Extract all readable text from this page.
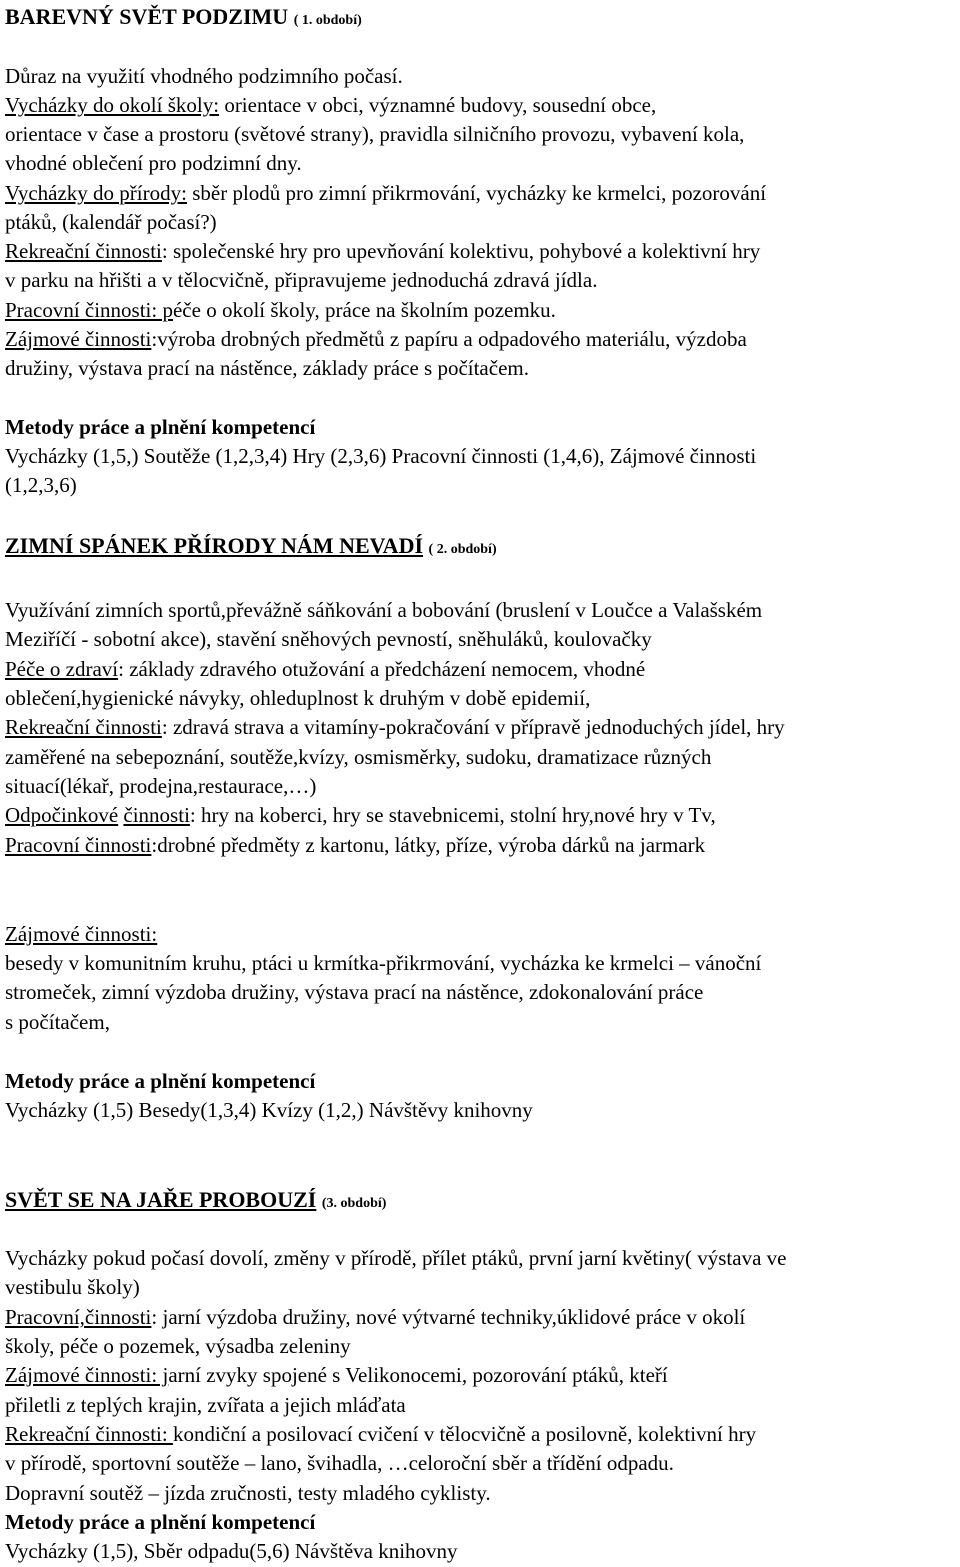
BAREVNÝ SVĚT PODZIMU ( 1. období)
Důraz na využití vhodného podzimního počasí.
Vycházky do okolí školy: orientace v obci, významné budovy, sousední obce,
orientace v čase a prostoru (světové strany), pravidla silničního provozu, vybavení kola,
vhodné oblečení pro podzimní dny.
Vycházky do přírody: sběr plodů pro zimní přikrmování, vycházky ke krmelci, pozorování
ptáků, (kalendář počasí?)
Rekreační činnosti: společenské hry pro upevňování kolektivu, pohybové a kolektivní hry
v parku na hřišti a v tělocvičně, připravujeme jednoduchá zdravá jídla.
Pracovní činnosti: péče o okolí školy, práce na školním pozemku.
Zájmové činnosti:výroba drobných předmětů z papíru a odpadového materiálu, výzdoba
družiny, výstava prací na nástěnce, základy práce s počítačem.
Metody práce a plnění kompetencí
Vycházky (1,5,) Soutěže (1,2,3,4) Hry (2,3,6) Pracovní činnosti (1,4,6), Zájmové činnosti
(1,2,3,6)
ZIMNÍ SPÁNEK PŘÍRODY NÁM NEVADÍ ( 2. období)
Využívání zimních sportů,převážně sáňkování a bobování (bruslení v Loučce a Valašském
Meziříčí - sobotní akce), stavění sněhových pevností, sněhuláků, koulovačky
Péče o zdraví: základy zdravého otužování a předcházení nemocem, vhodné
oblečení,hygienické návyky, ohleduplnost k druhým v době epidemií,
Rekreační činnosti: zdravá strava a vitamíny-pokračování v přípravě jednoduchých jídel, hry
zaměřené na sebepoznání, soutěže,kvízy, osmisměrky, sudoku, dramatizace různých
situací(lékař, prodejna,restaurace,…)
Odpočinkové činnosti: hry na koberci, hry se stavebnicemi, stolní hry,nové hry v Tv,
Pracovní činnosti:drobné předměty z kartonu, látky, příze, výroba dárků na jarmark
Zájmové činnosti:
besedy v komunitním kruhu, ptáci u krmítka-přikrmování, vycházka ke krmelci – vánoční
stromeček, zimní výzdoba družiny, výstava prací na nástěnce, zdokonalování práce
s počítačem,
Metody práce a plnění kompetencí
Vycházky (1,5) Besedy(1,3,4) Kvízy (1,2,) Návštěvy knihovny
SVĚT SE NA JAŘE PROBOUZÍ (3. období)
Vycházky pokud počasí dovolí, změny v přírodě, přílet ptáků, první jarní květiny( výstava ve
vestibulu školy)
Pracovní,činnosti: jarní výzdoba družiny, nové výtvarné techniky,úklidové práce v okolí
školy, péče o pozemek, výsadba zeleniny
Zájmové činnosti: jarní zvyky spojené s Velikonocemi, pozorování ptáků, kteří
přiletli z teplých krajin, zvířata a jejich mláďata
Rekreační činnosti: kondiční a posilovací cvičení v tělocvičně a posilovně, kolektivní hry
v přírodě, sportovní soutěže – lano, švihadla, …celoroční sběr a třídění odpadu.
Dopravní soutěž – jízda zručnosti, testy mladého cyklisty.
Metody práce a plnění kompetencí
Vycházky (1,5), Sběr odpadu(5,6) Návštěva knihovny
